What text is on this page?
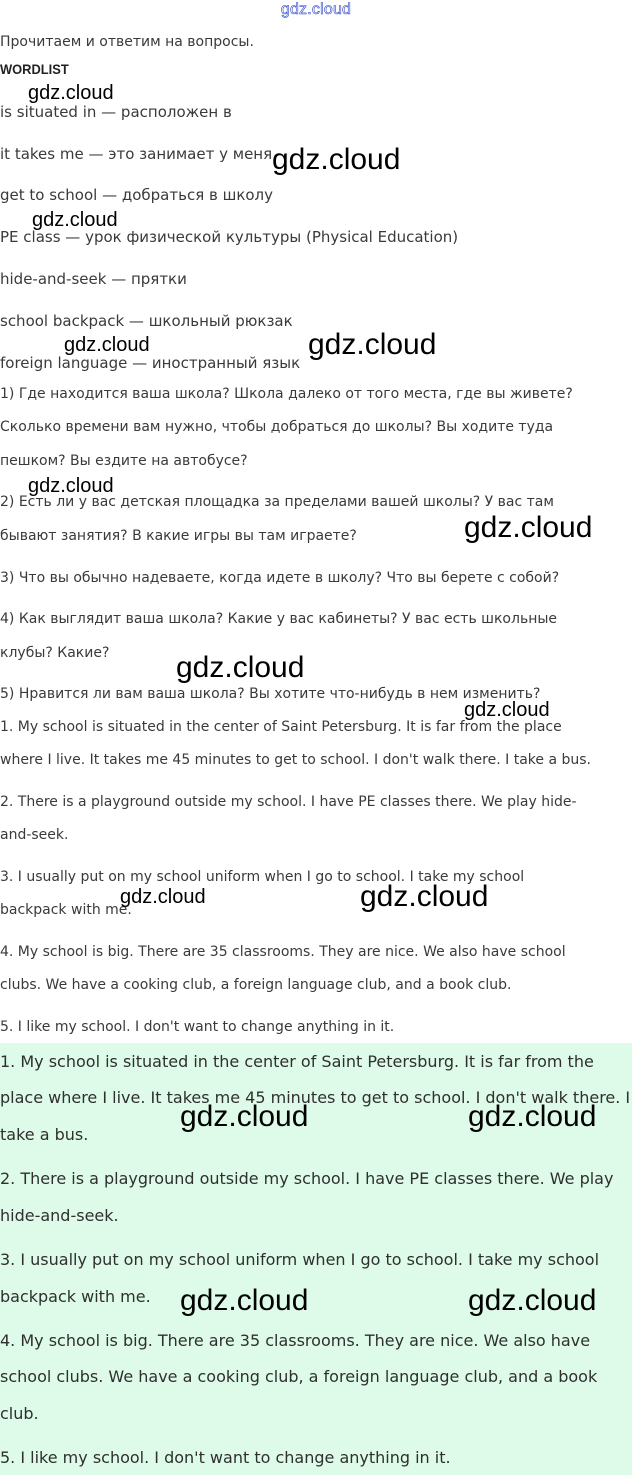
gdz.cloud
Прочитаем и ответим на вопросы.
WORDLIST
is situated in — расположен в
it takes me — это занимает у меня
get to school — добраться в школу
PE class — урок физической культуры (Physical Education)
hide-and-seek — прятки
school backpack — школьный рюкзак
foreign language — иностранный язык
1) Где находится ваша школа? Школа далеко от того места, где вы живете?
Сколько времени вам нужно, чтобы добраться до школы? Вы ходите туда
пешком? Вы ездите на автобусе?
2) Есть ли у вас детская площадка за пределами вашей школы? У вас там
бывают занятия? В какие игры вы там играете?
3) Что вы обычно надеваете, когда идете в школу? Что вы берете с собой?
4) Как выглядит ваша школа? Какие у вас кабинеты? У вас есть школьные
клубы? Какие?
5) Нравится ли вам ваша школа? Вы хотите что-нибудь в нем изменить?
1. My school is situated in the center of Saint Petersburg. It is far from the place
where I live. It takes me 45 minutes to get to school. I don't walk there. I take a bus.
2. There is a playground outside my school. I have PE classes there. We play hide-
and-seek.
3. I usually put on my school uniform when I go to school. I take my school
backpack with me.
4. My school is big. There are 35 classrooms. They are nice. We also have school
clubs. We have a cooking club, a foreign language club, and a book club.
5. I like my school. I don't want to change anything in it.
1. My school is situated in the center of Saint Petersburg. It is far from the
place where I live. It takes me 45 minutes to get to school. I don't walk there. I
take a bus.
2. There is a playground outside my school. I have PE classes there. We play
hide-and-seek.
3. I usually put on my school uniform when I go to school. I take my school
backpack with me.
4. My school is big. There are 35 classrooms. They are nice. We also have
school clubs. We have a cooking club, a foreign language club, and a book
club.
5. I like my school. I don't want to change anything in it.
gdz.cloud
gdz.cloud
gdz.cloud
gdz.cloud	gdz.cloud
gdz.cloud
gdz.cloud
gdz.cloud
gdz.cloud
gdz.cloud	gdz.cloud
gdz.cloud	gdz.cloud
gdz.cloud	gdz.cloud
